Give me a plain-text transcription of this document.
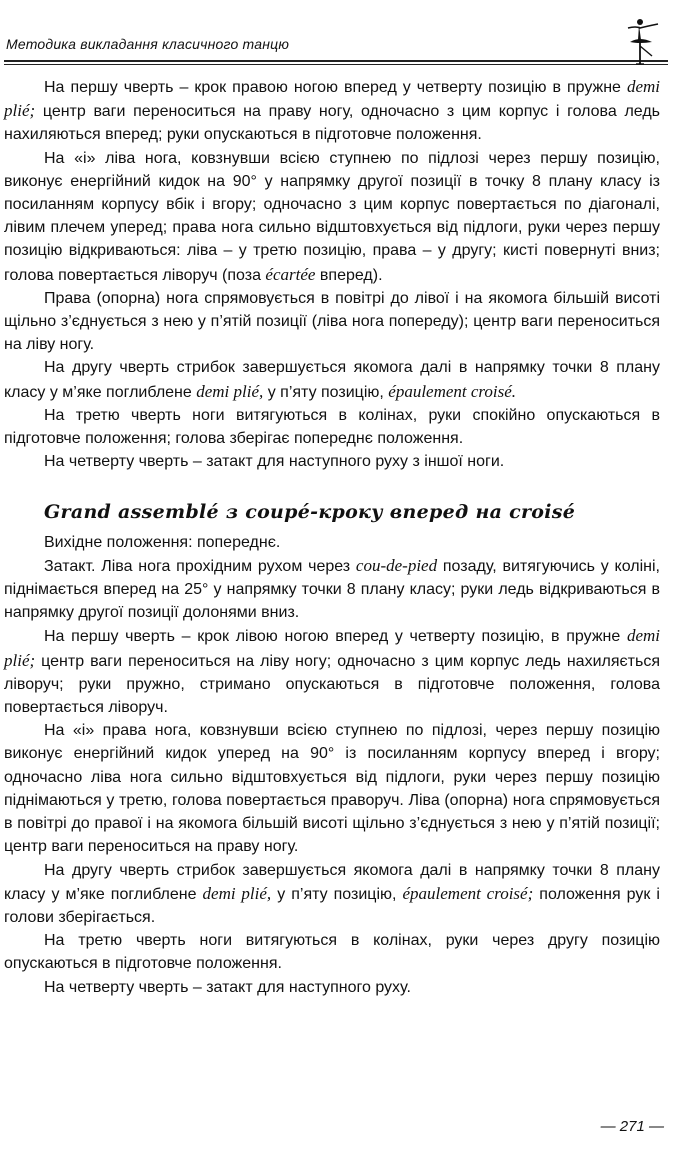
Методика викладання класичного танцю

На першу чверть – крок правою ногою вперед у четверту позицію в пружне demi plié; центр ваги переноситься на праву ногу, одночасно з цим корпус і голова ледь нахиляються вперед; руки опускаються в підготовче положення.

На «і» ліва нога, ковзнувши всією ступнею по підлозі через першу позицію, виконує енергійний кидок на 90° у напрямку другої позиції в точку 8 плану класу із посиланням корпусу вбік і вгору; одночасно з цим корпус повертається по діагоналі, лівим плечем уперед; права нога сильно відштовхується від підлоги, руки через першу позицію відкриваються: ліва – у третю позицію, права – у другу; кисті повернуті вниз; голова повертається ліворуч (поза écartée вперед).

Права (опорна) нога спрямовується в повітрі до лівої і на якомога більшій висоті щільно з’єднується з нею у п’ятій позиції (ліва нога попереду); центр ваги переноситься на ліву ногу.

На другу чверть стрибок завершується якомога далі в напрямку точки 8 плану класу у м’яке поглиблене demi plié, у п’яту позицію, épaulement croisé.

На третю чверть ноги витягуються в колінах, руки спокійно опускаються в підготовче положення; голова зберігає попереднє положення.

На четверту чверть – затакт для наступного руху з іншої ноги.

Grand assemblé з соиpé-кроку вперед на croisé

Вихідне положення: попереднє.

Затакт. Ліва нога прохідним рухом через cou-de-pied позаду, витягуючись у коліні, піднімається вперед на 25° у напрямку точки 8 плану класу; руки ледь відкриваються в напрямку другої позиції долонями вниз.

На першу чверть – крок лівою ногою вперед у четверту позицію, в пружне demi plié; центр ваги переноситься на ліву ногу; одночасно з цим корпус ледь нахиляється ліворуч; руки пружно, стримано опускаються в підготовче положення, голова повертається ліворуч.

На «і» права нога, ковзнувши всією ступнею по підлозі, через першу позицію виконує енергійний кидок уперед на 90° із посиланням корпусу вперед і вгору; одночасно ліва нога сильно відштовхується від підлоги, руки через першу позицію піднімаються у третю, голова повертається праворуч. Ліва (опорна) нога спрямовується в повітрі до правої і на якомога більшій висоті щільно з’єднується з нею у п’ятій позиції; центр ваги переноситься на праву ногу.

На другу чверть стрибок завершується якомога далі в напрямку точки 8 плану класу у м’яке поглиблене demi plié, у п’яту позицію, épaulement croisé; положення рук і голови зберігається.

На третю чверть ноги витягуються в колінах, руки через другу позицію опускаються в підготовче положення.

На четверту чверть – затакт для наступного руху.

— 271 —
